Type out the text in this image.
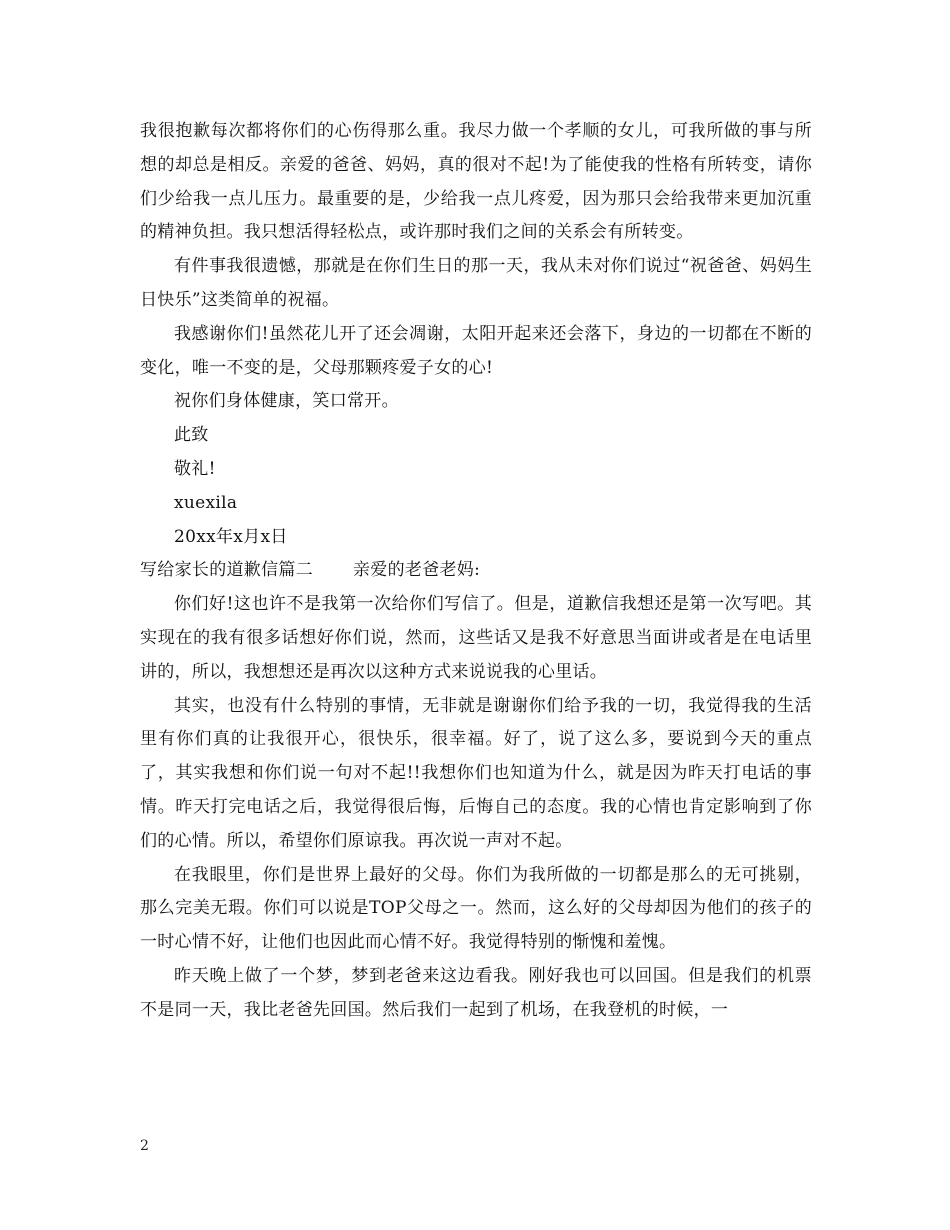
我很抱歉每次都将你们的心伤得那么重。我尽力做一个孝顺的女儿，可我所做的事与所想的却总是相反。亲爱的爸爸、妈妈，真的很对不起!为了能使我的性格有所转变，请你们少给我一点儿压力。最重要的是，少给我一点儿疼爱，因为那只会给我带来更加沉重的精神负担。我只想活得轻松点，或许那时我们之间的关系会有所转变。

有件事我很遗憾，那就是在你们生日的那一天，我从未对你们说过“祝爸爸、妈妈生日快乐”这类简单的祝福。

我感谢你们!虽然花儿开了还会凋谢，太阳开起来还会落下，身边的一切都在不断的变化，唯一不变的是，父母那颗疼爱子女的心!

祝你们身体健康，笑口常开。

此致

敬礼!

xuexila

20xx年x月x日

写给家长的道歉信篇二 亲爱的老爸老妈:

你们好!这也许不是我第一次给你们写信了。但是，道歉信我想还是第一次写吧。其实现在的我有很多话想好你们说，然而，这些话又是我不好意思当面讲或者是在电话里讲的，所以，我想想还是再次以这种方式来说说我的心里话。

其实，也没有什么特别的事情，无非就是谢谢你们给予我的一切，我觉得我的生活里有你们真的让我很开心，很快乐，很幸福。好了，说了这么多，要说到今天的重点了，其实我想和你们说一句对不起!!我想你们也知道为什么，就是因为昨天打电话的事情。昨天打完电话之后，我觉得很后悔，后悔自己的态度。我的心情也肯定影响到了你们的心情。所以，希望你们原谅我。再次说一声对不起。

在我眼里，你们是世界上最好的父母。你们为我所做的一切都是那么的无可挑剔，那么完美无瑕。你们可以说是TOP父母之一。然而，这么好的父母却因为他们的孩子的一时心情不好，让他们也因此而心情不好。我觉得特别的惭愧和羞愧。

昨天晚上做了一个梦，梦到老爸来这边看我。刚好我也可以回国。但是我们的机票不是同一天，我比老爸先回国。然后我们一起到了机场，在我登机的时候，一

2
